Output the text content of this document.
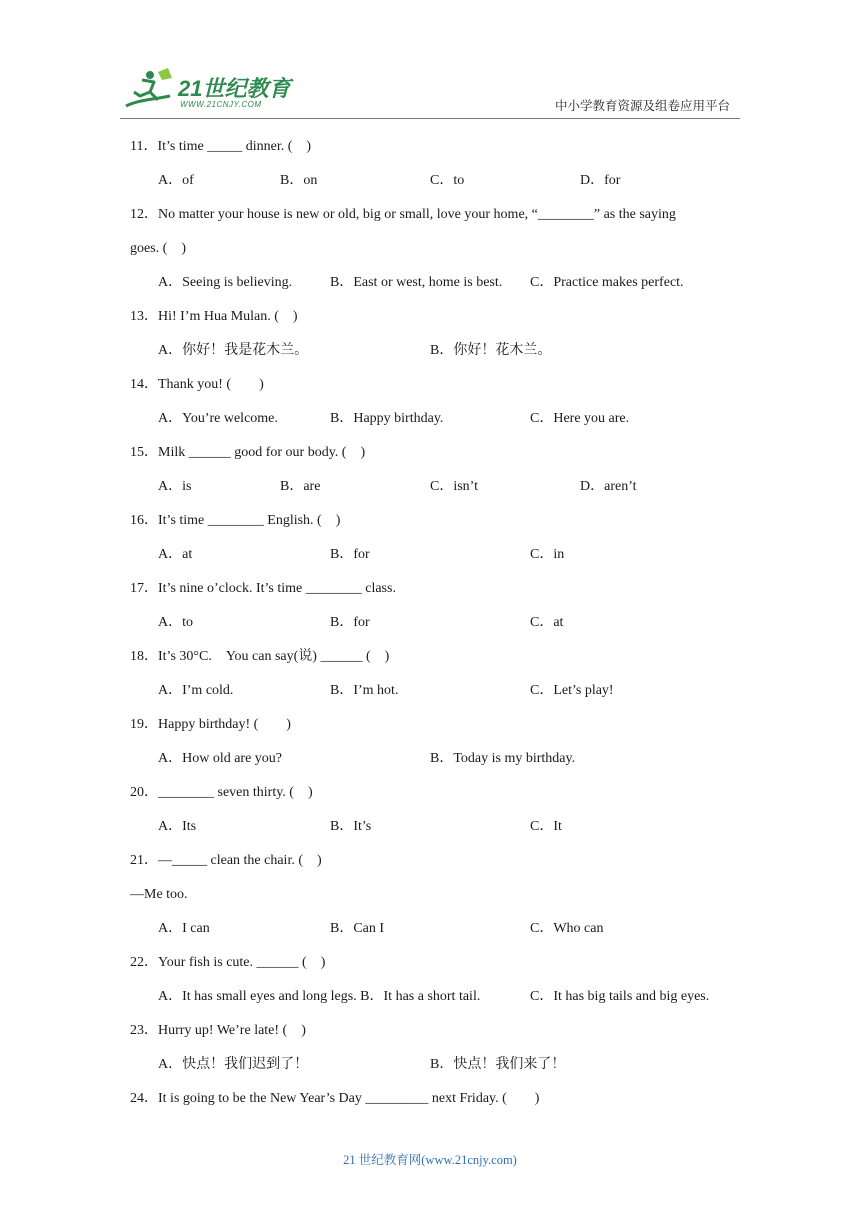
21世纪教育
WWW.21CNJY.COM	中小学教育资源及组卷应用平台
11．It’s time _____ dinner. (　)
A．of	B．on	C．to	D．for
12．No matter your house is new or old, big or small, love your home, “________” as the saying
goes. (　)
A．Seeing is believing.	B．East or west, home is best. C．Practice makes perfect.
13．Hi! I’m Hua Mulan. (　)
A．你好！我是花木兰。	B．你好！花木兰。
14．Thank you! (　　)
A．You’re welcome.	B．Happy birthday.	C．Here you are.
15．Milk ______ good for our body. (　)
A．is	B．are	C．isn’t	D．aren’t
16．It’s time ________ English. (　)
A．at	B．for	C．in
17．It’s nine o’clock. It’s time ________ class.
A．to	B．for	C．at
18．It’s 30°C.　You can say(说) ______ (　)
A．I’m cold.	B．I’m hot.	C．Let’s play!
19．Happy birthday! (　　)
A．How old are you?	B．Today is my birthday.
20．________ seven thirty. (　)
A．Its	B．It’s	C．It
21．—_____ clean the chair. (　)
—Me too.
A．I can	B．Can I	C．Who can
22．Your fish is cute. ______ (　)
A．It has small eyes and long legs. B．It has a short tail.	C．It has big tails and big eyes.
23．Hurry up! We’re late! (　)
A．快点！我们迟到了！	B．快点！我们来了！
24．It is going to be the New Year’s Day _________ next Friday. (　　)
21 世纪教育网(www.21cnjy.com)
